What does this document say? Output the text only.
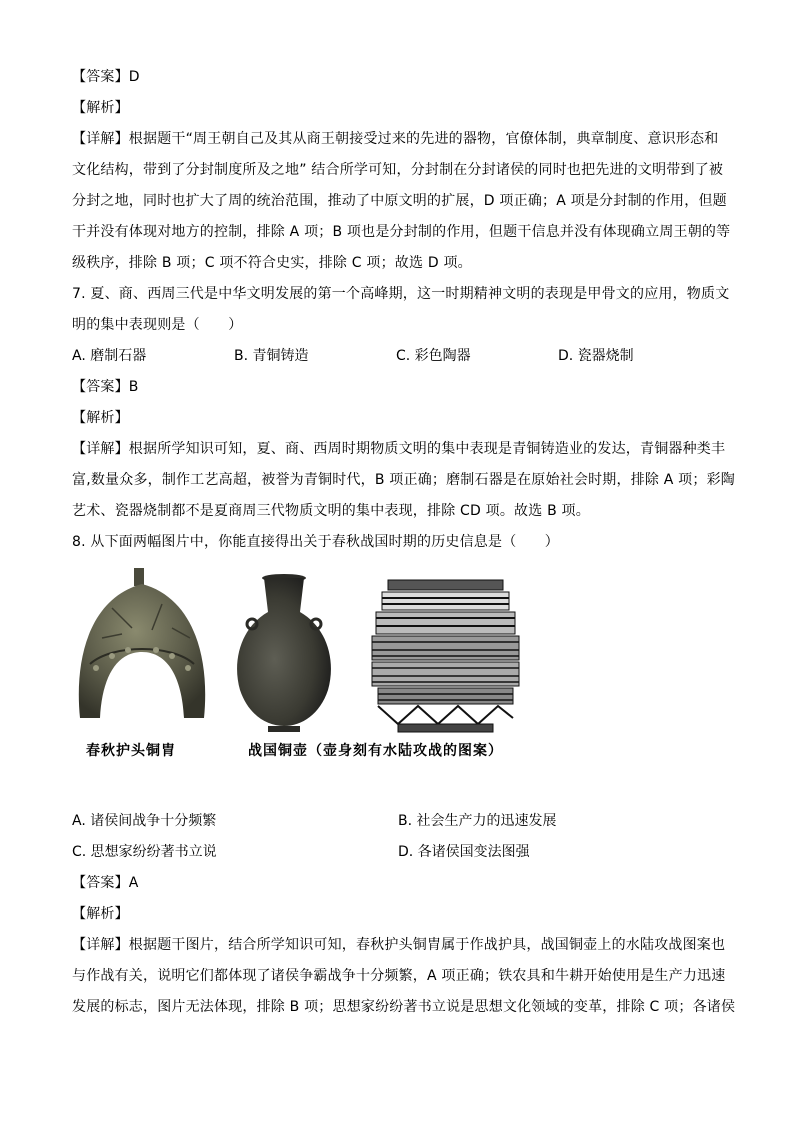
【答案】D
【解析】
【详解】根据题干“周王朝自己及其从商王朝接受过来的先进的器物，官僚体制，典章制度、意识形态和
文化结构，带到了分封制度所及之地” 结合所学可知，分封制在分封诸侯的同时也把先进的文明带到了被
分封之地，同时也扩大了周的统治范围，推动了中原文明的扩展，D 项正确；A 项是分封制的作用，但题
干并没有体现对地方的控制，排除 A 项；B 项也是分封制的作用，但题干信息并没有体现确立周王朝的等
级秩序，排除 B 项；C 项不符合史实，排除 C 项；故选 D 项。
7. 夏、商、西周三代是中华文明发展的第一个高峰期，这一时期精神文明的表现是甲骨文的应用，物质文
明的集中表现则是（　　）
A. 磨制石器	B. 青铜铸造	C. 彩色陶器	D. 瓷器烧制
【答案】B
【解析】
【详解】根据所学知识可知，夏、商、西周时期物质文明的集中表现是青铜铸造业的发达，青铜器种类丰
富,数量众多，制作工艺高超，被誉为青铜时代，B 项正确；磨制石器是在原始社会时期，排除 A 项；彩陶
艺术、瓷器烧制都不是夏商周三代物质文明的集中表现，排除 CD 项。故选 B 项。
8. 从下面两幅图片中，你能直接得出关于春秋战国时期的历史信息是（　　）
春秋护头铜胄	战国铜壶（壶身刻有水陆攻战的图案）
A. 诸侯间战争十分频繁	B. 社会生产力的迅速发展
C. 思想家纷纷著书立说	D. 各诸侯国变法图强
【答案】A
【解析】
【详解】根据题干图片，结合所学知识可知，春秋护头铜胄属于作战护具，战国铜壶上的水陆攻战图案也
与作战有关，说明它们都体现了诸侯争霸战争十分频繁，A 项正确；铁农具和牛耕开始使用是生产力迅速
发展的标志，图片无法体现，排除 B 项；思想家纷纷著书立说是思想文化领域的变革，排除 C 项；各诸侯
